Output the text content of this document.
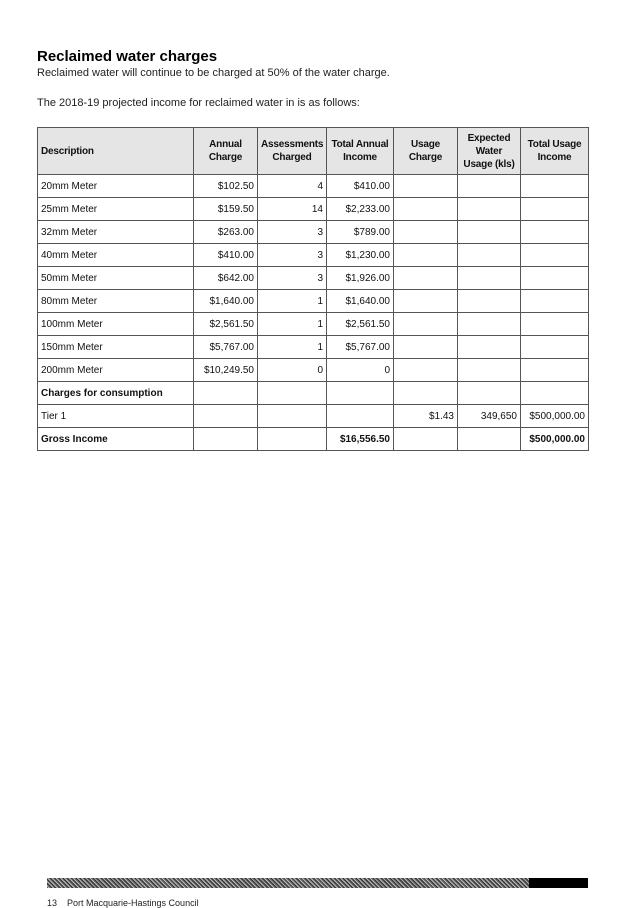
Reclaimed water charges
Reclaimed water will continue to be charged at 50% of the water charge.
The 2018-19 projected income for reclaimed water in is as follows:
Description	Annual Charge	Assessments Charged	Total Annual Income	Usage Charge	Expected Water Usage (kls)	Total Usage Income
20mm Meter	$102.50	4	$410.00			
25mm Meter	$159.50	14	$2,233.00			
32mm Meter	$263.00	3	$789.00			
40mm Meter	$410.00	3	$1,230.00			
50mm Meter	$642.00	3	$1,926.00			
80mm Meter	$1,640.00	1	$1,640.00			
100mm Meter	$2,561.50	1	$2,561.50			
150mm Meter	$5,767.00	1	$5,767.00			
200mm Meter	$10,249.50	0	0			
Charges for consumption						
Tier 1				$1.43	349,650	$500,000.00
Gross Income			$16,556.50			$500,000.00
13 Port Macquarie-Hastings Council
